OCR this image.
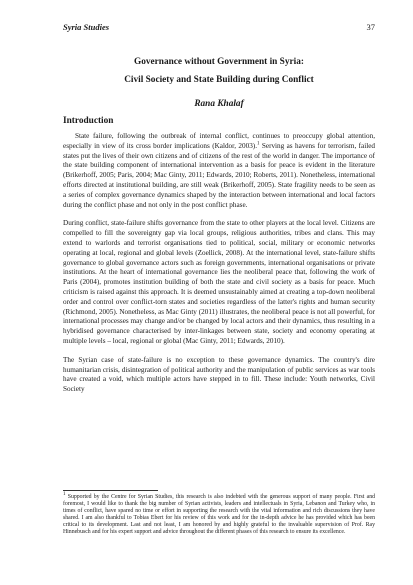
Syria Studies	37
Governance without Government in Syria:
Civil Society and State Building during Conflict
Rana Khalaf
Introduction

State failure, following the outbreak of internal conflict, continues to preoccupy global attention, especially in view of its cross border implications (Kaldor, 2003).$^1$ Serving as havens for terrorism, failed states put the lives of their own citizens and of citizens of the rest of the world in danger. The importance of the state building component of international intervention as a basis for peace is evident in the literature (Brikerhoff, 2005; Paris, 2004; Mac Ginty, 2011; Edwards, 2010; Roberts, 2011). Nonetheless, international efforts directed at institutional building, are still weak (Brikerhoff, 2005). State fragility needs to be seen as a series of complex governance dynamics shaped by the interaction between international and local factors during the conflict phase and not only in the post conflict phase.

During conflict, state-failure shifts governance from the state to other players at the local level. Citizens are compelled to fill the sovereignty gap via local groups, religious authorities, tribes and clans. This may extend to warlords and terrorist organisations tied to political, social, military or economic networks operating at local, regional and global levels (Zoellick, 2008). At the international level, state-failure shifts governance to global governance actors such as foreign governments, international organisations or private institutions. At the heart of international governance lies the neoliberal peace that, following the work of Paris (2004), promotes institution building of both the state and civil society as a basis for peace. Much criticism is raised against this approach. It is deemed unsustainably aimed at creating a top-down neoliberal order and control over conflict-torn states and societies regardless of the latter's rights and human security (Richmond, 2005). Nonetheless, as Mac Ginty (2011) illustrates, the neoliberal peace is not all powerful, for international processes may change and/or be changed by local actors and their dynamics, thus resulting in a hybridised governance characterised by inter-linkages between state, society and economy operating at multiple levels – local, regional or global (Mac Ginty, 2011; Edwards, 2010).

The Syrian case of state-failure is no exception to these governance dynamics. The country's dire humanitarian crisis, disintegration of political authority and the manipulation of public services as war tools have created a void, which multiple actors have stepped in to fill. These include: Youth networks, Civil Society

$^1$ Supported by the Centre for Syrian Studies, this research is also indebted with the generous support of many people. First and foremost, I would like to thank the big number of Syrian activists, leaders and intellectuals in Syria, Lebanon and Turkey who, in times of conflict, have spared no time or effort in supporting the research with the vital information and rich discussions they have shared. I am also thankful to Tobias Ebert for his review of this work and for the in-depth advice he has provided which has been critical to its development. Last and not least, I am honored by and highly grateful to the invaluable supervision of Prof. Ray Hinnebusch and for his expert support and advice throughout the different phases of this research to ensure its excellence.
